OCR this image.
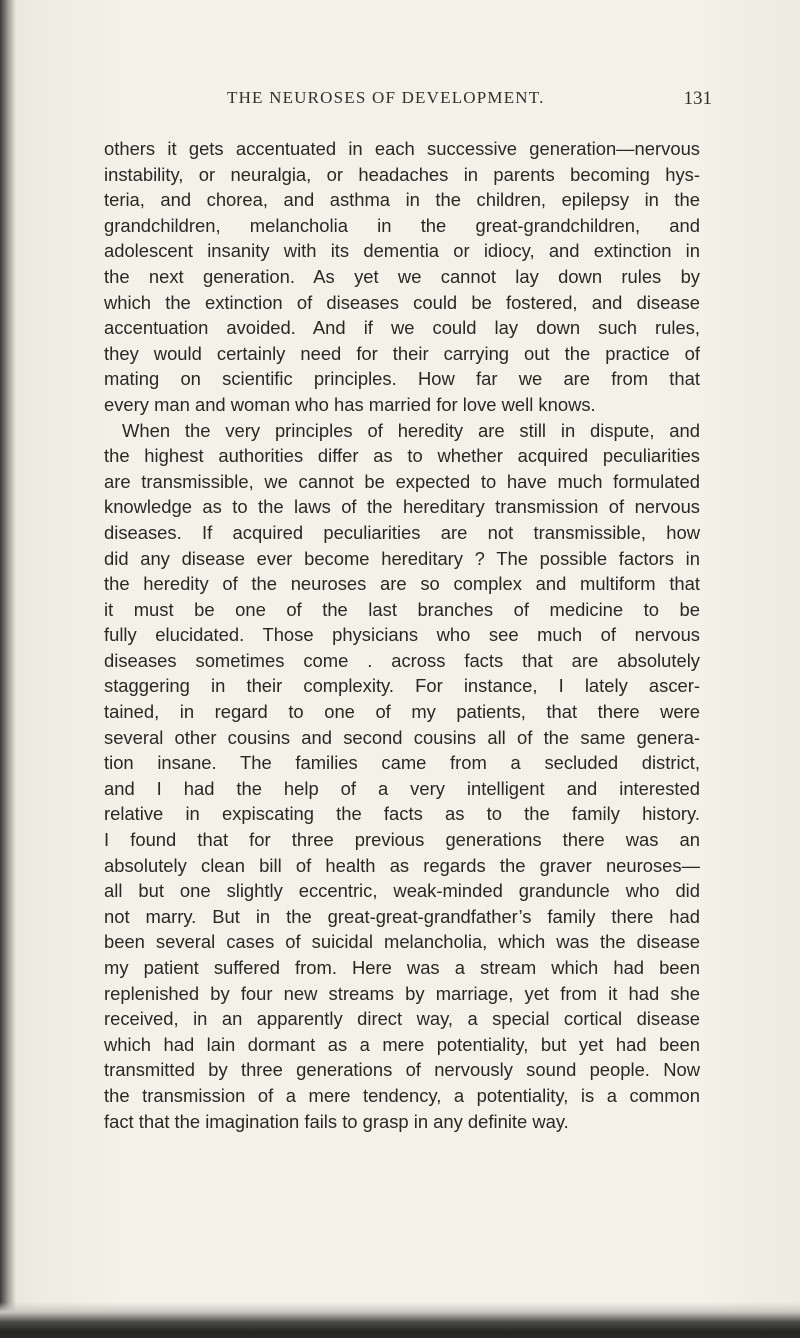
THE NEUROSES OF DEVELOPMENT.	131
others it gets accentuated in each successive generation—nervous
instability, or neuralgia, or headaches in parents becoming hys-
teria, and chorea, and asthma in the children, epilepsy in the
grandchildren, melancholia in the great-grandchildren, and
adolescent insanity with its dementia or idiocy, and extinction in
the next generation. As yet we cannot lay down rules by
which the extinction of diseases could be fostered, and disease
accentuation avoided. And if we could lay down such rules,
they would certainly need for their carrying out the practice of
mating on scientific principles. How far we are from that
every man and woman who has married for love well knows.
When the very principles of heredity are still in dispute, and
the highest authorities differ as to whether acquired peculiarities
are transmissible, we cannot be expected to have much formulated
knowledge as to the laws of the hereditary transmission of nervous
diseases. If acquired peculiarities are not transmissible, how
did any disease ever become hereditary ? The possible factors in
the heredity of the neuroses are so complex and multiform that
it must be one of the last branches of medicine to be
fully elucidated. Those physicians who see much of nervous
diseases sometimes come . across facts that are absolutely
staggering in their complexity. For instance, I lately ascer-
tained, in regard to one of my patients, that there were
several other cousins and second cousins all of the same genera-
tion insane. The families came from a secluded district,
and I had the help of a very intelligent and interested
relative in expiscating the facts as to the family history.
I found that for three previous generations there was an
absolutely clean bill of health as regards the graver neuroses—
all but one slightly eccentric, weak-minded granduncle who did
not marry. But in the great-great-grandfather’s family there had
been several cases of suicidal melancholia, which was the disease
my patient suffered from. Here was a stream which had been
replenished by four new streams by marriage, yet from it had she
received, in an apparently direct way, a special cortical disease
which had lain dormant as a mere potentiality, but yet had been
transmitted by three generations of nervously sound people. Now
the transmission of a mere tendency, a potentiality, is a common
fact that the imagination fails to grasp in any definite way.
